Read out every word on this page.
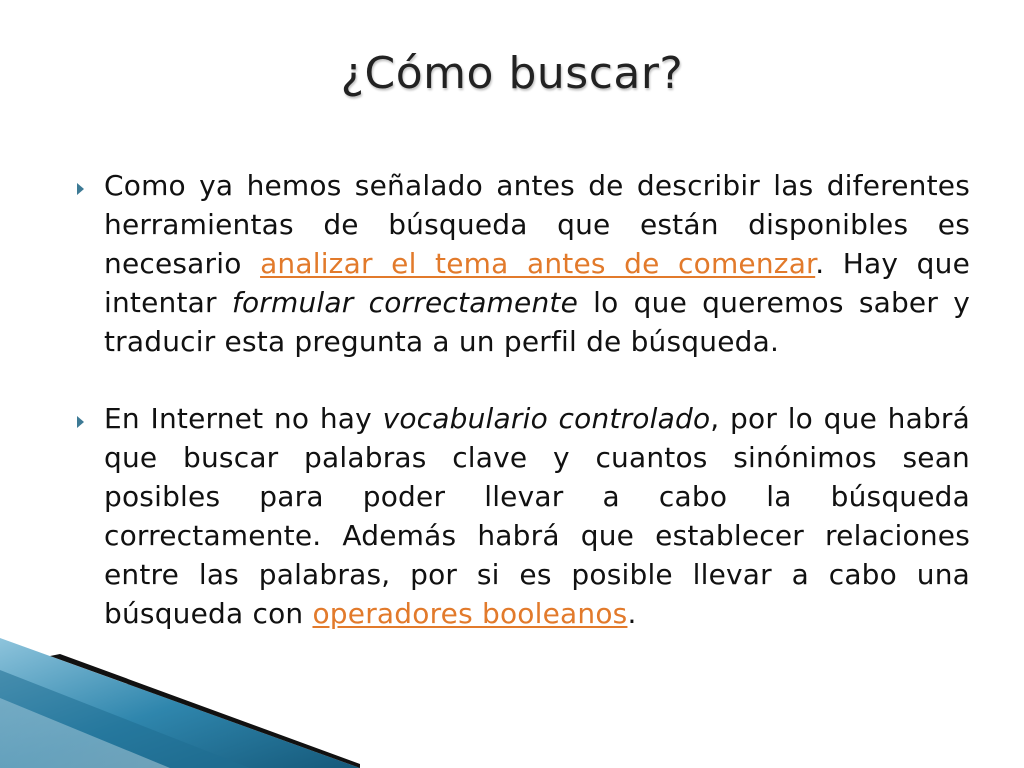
¿Cómo buscar?

Como ya hemos señalado antes de describir las diferentes herramientas de búsqueda que están disponibles es necesario analizar el tema antes de comenzar. Hay que intentar formular correctamente lo que queremos saber y traducir esta pregunta a un perfil de búsqueda.

En Internet no hay vocabulario controlado, por lo que habrá que buscar palabras clave y cuantos sinónimos sean posibles para poder llevar a cabo la búsqueda correctamente. Además habrá que establecer relaciones entre las palabras, por si es posible llevar a cabo una búsqueda con operadores booleanos.
